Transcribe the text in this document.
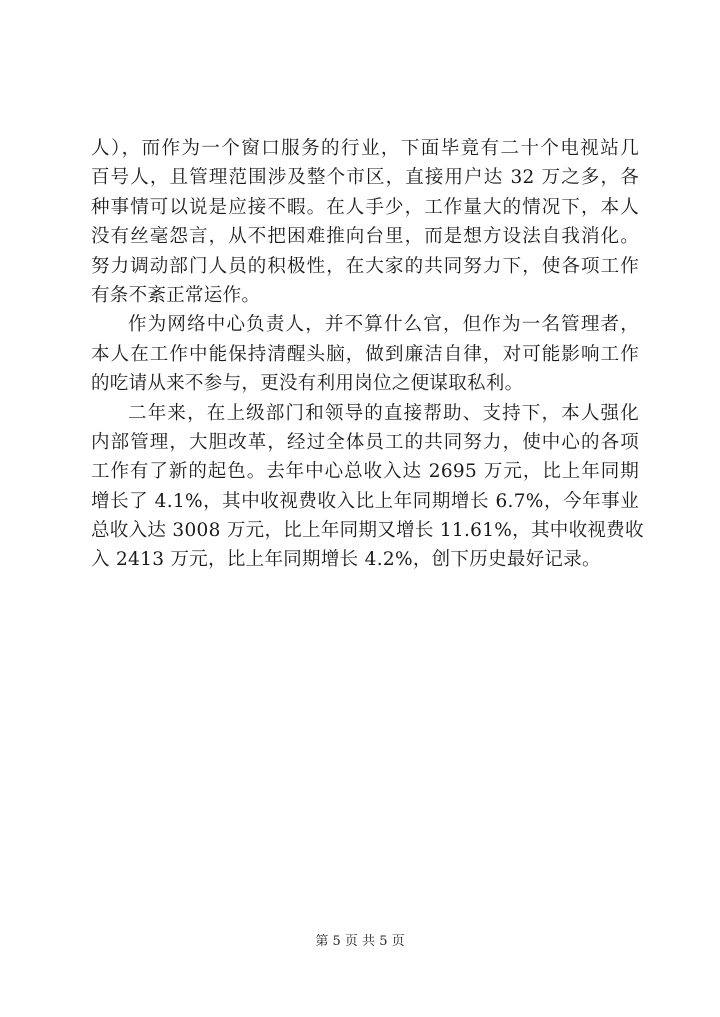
人），而作为一个窗口服务的行业，下面毕竟有二十个电视站几
百号人，且管理范围涉及整个市区，直接用户达 32 万之多，各
种事情可以说是应接不暇。在人手少，工作量大的情况下，本人
没有丝毫怨言，从不把困难推向台里，而是想方设法自我消化。
努力调动部门人员的积极性，在大家的共同努力下，使各项工作
有条不紊正常运作。
作为网络中心负责人，并不算什么官，但作为一名管理者，
本人在工作中能保持清醒头脑，做到廉洁自律，对可能影响工作
的吃请从来不参与，更没有利用岗位之便谋取私利。
二年来，在上级部门和领导的直接帮助、支持下，本人强化
内部管理，大胆改革，经过全体员工的共同努力，使中心的各项
工作有了新的起色。去年中心总收入达 2695 万元，比上年同期
增长了 4.1%，其中收视费收入比上年同期增长 6.7%，今年事业
总收入达 3008 万元，比上年同期又增长 11.61%，其中收视费收
入 2413 万元，比上年同期增长 4.2%，创下历史最好记录。
第 5 页 共 5 页
